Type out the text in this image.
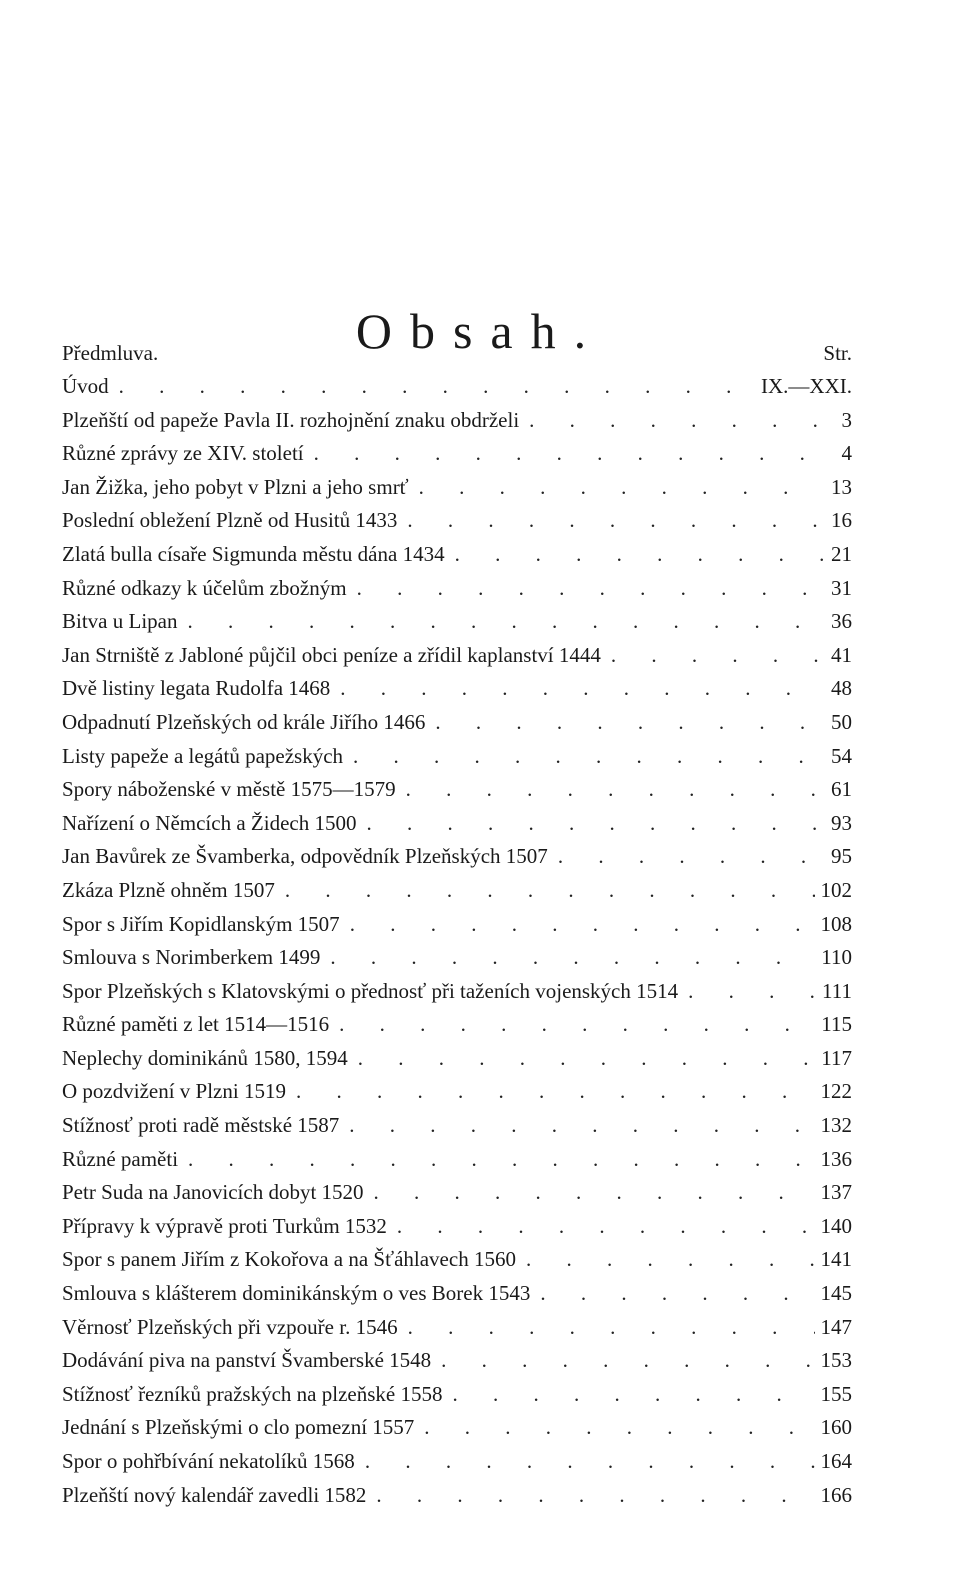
Obsah.
Předmluva.	Str.
Úvod . . .	IX.—XXI.
Plzeňští od papeže Pavla II. rozhojnění znaku obdrželi . . .	3
Různé zprávy ze XIV. století . . .	4
Jan Žižka, jeho pobyt v Plzni a jeho smrť . . .	13
Poslední obležení Plzně od Husitů 1433 . . .	16
Zlatá bulla císaře Sigmunda městu dána 1434 . . .	21
Různé odkazy k účelům zbožným . . .	31
Bitva u Lipan . . .	36
Jan Strniště z Jabloné půjčil obci peníze a zřídil kaplanství 1444 . . .	41
Dvě listiny legata Rudolfa 1468 . . .	48
Odpadnutí Plzeňských od krále Jiřího 1466 . . .	50
Listy papeže a legátů papežských . . .	54
Spory náboženské v městě 1575—1579 . . .	61
Nařízení o Němcích a Židech 1500 . . .	93
Jan Bavůrek ze Švamberka, odpovědník Plzeňských 1507 . . .	95
Zkáza Plzně ohněm 1507 . . .	102
Spor s Jiřím Kopidlanským 1507 . . .	108
Smlouva s Norimberkem 1499 . . .	110
Spor Plzeňských s Klatovskými o přednosť při taženích vojenských 1514 . . .	111
Různé paměti z let 1514—1516 . . .	115
Neplechy dominikánů 1580, 1594 . . .	117
O pozdvižení v Plzni 1519 . . .	122
Stížnosť proti radě městské 1587 . . .	132
Různé paměti . . .	136
Petr Suda na Janovicích dobyt 1520 . . .	137
Přípravy k výpravě proti Turkům 1532 . . .	140
Spor s panem Jiřím z Kokořova a na Šťáhlavech 1560 . . .	141
Smlouva s klášterem dominikánským o ves Borek 1543 . . .	145
Věrnosť Plzeňských při vzpouře r. 1546 . . .	147
Dodávání piva na panství Švamberské 1548 . . .	153
Stížnosť řezníků pražských na plzeňské 1558 . . .	155
Jednání s Plzeňskými o clo pomezní 1557 . . .	160
Spor o pohřbívání nekatolíků 1568 . . .	164
Plzeňští nový kalendář zavedli 1582 . . .	166
